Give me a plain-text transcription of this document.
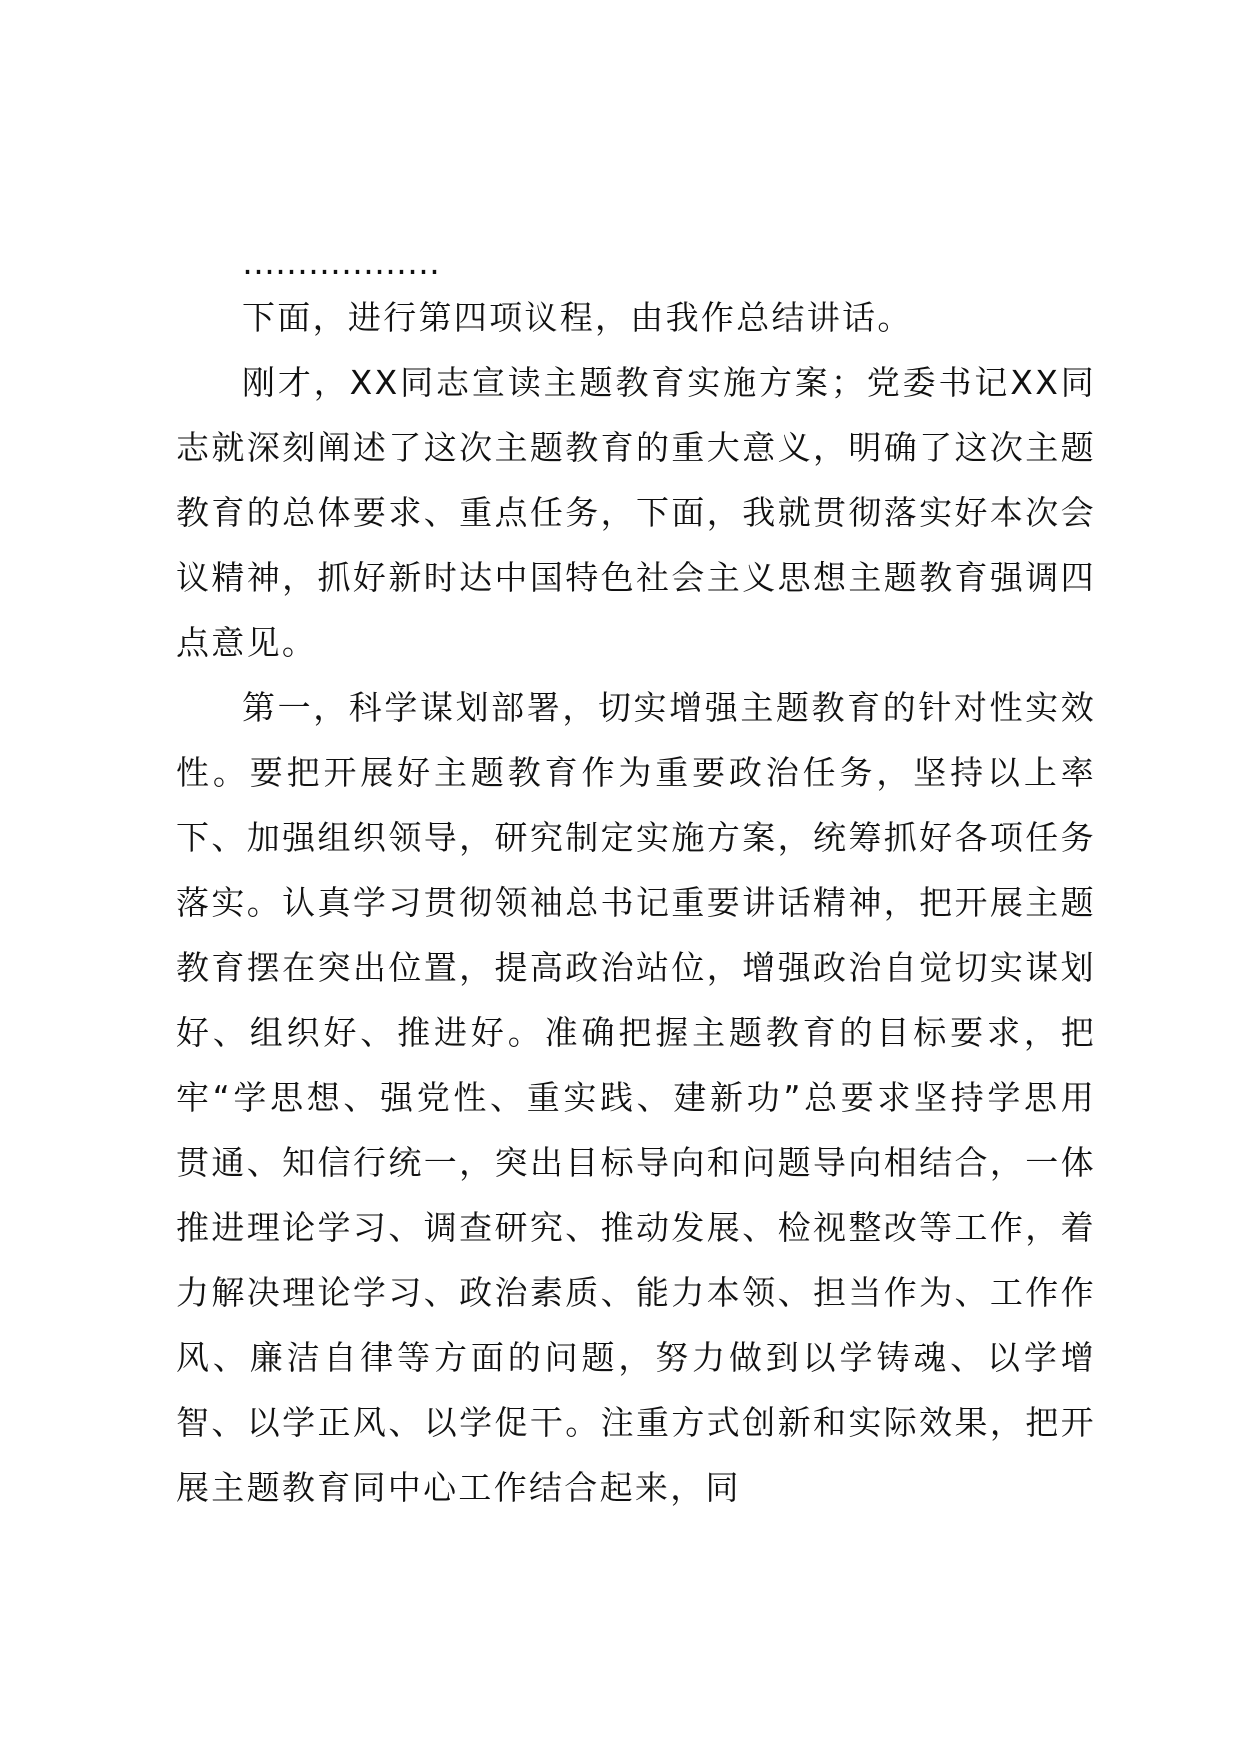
………………

下面，进行第四项议程，由我作总结讲话。

刚才，XX同志宣读主题教育实施方案；党委书记XX同志就深刻阐述了这次主题教育的重大意义，明确了这次主题教育的总体要求、重点任务，下面，我就贯彻落实好本次会议精神，抓好新时达中国特色社会主义思想主题教育强调四点意见。

第一，科学谋划部署，切实增强主题教育的针对性实效性。要把开展好主题教育作为重要政治任务，坚持以上率下、加强组织领导，研究制定实施方案，统筹抓好各项任务落实。认真学习贯彻领袖总书记重要讲话精神，把开展主题教育摆在突出位置，提高政治站位，增强政治自觉切实谋划好、组织好、推进好。准确把握主题教育的目标要求，把牢“学思想、强党性、重实践、建新功”总要求坚持学思用贯通、知信行统一，突出目标导向和问题导向相结合，一体推进理论学习、调查研究、推动发展、检视整改等工作，着力解决理论学习、政治素质、能力本领、担当作为、工作作风、廉洁自律等方面的问题，努力做到以学铸魂、以学增智、以学正风、以学促干。注重方式创新和实际效果，把开展主题教育同中心工作结合起来，同
